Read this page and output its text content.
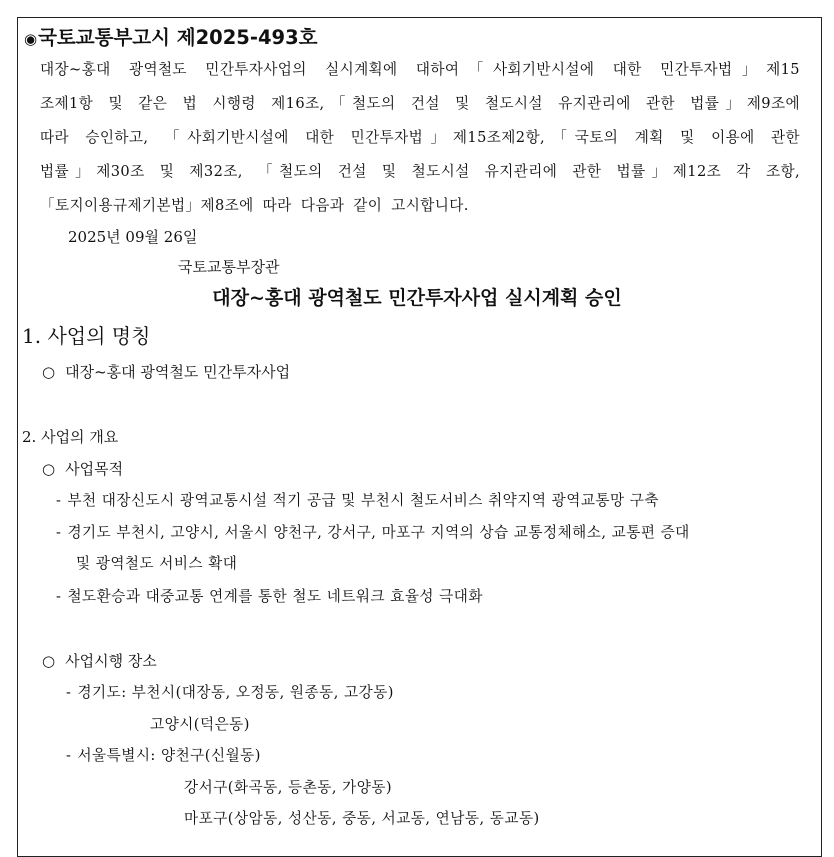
◉국토교통부고시 제2025-493호
대장~홍대 광역철도 민간투자사업의 실시계획에 대하여「사회기반시설에 대한 민간투자법」제15
조제1항 및 같은 법 시행령 제16조,「철도의 건설 및 철도시설 유지관리에 관한 법률」제9조에
따라 승인하고, 「사회기반시설에 대한 민간투자법」제15조제2항,「국토의 계획 및 이용에 관한
법률」제30조 및 제32조, 「철도의 건설 및 철도시설 유지관리에 관한 법률」제12조 각 조항,
「토지이용규제기본법」제8조에 따라 다음과 같이 고시합니다.
2025년 09월 26일
국토교통부장관
대장~홍대 광역철도 민간투자사업 실시계획 승인
1. 사업의 명칭
○ 대장~홍대 광역철도 민간투자사업
2. 사업의 개요
○ 사업목적
- 부천 대장신도시 광역교통시설 적기 공급 및 부천시 철도서비스 취약지역 광역교통망 구축
- 경기도 부천시, 고양시, 서울시 양천구, 강서구, 마포구 지역의 상습 교통정체해소, 교통편 증대
및 광역철도 서비스 확대
- 철도환승과 대중교통 연계를 통한 철도 네트워크 효율성 극대화
○ 사업시행 장소
- 경기도: 부천시(대장동, 오정동, 원종동, 고강동)
고양시(덕은동)
- 서울특별시: 양천구(신월동)
강서구(화곡동, 등촌동, 가양동)
마포구(상암동, 성산동, 중동, 서교동, 연남동, 동교동)
